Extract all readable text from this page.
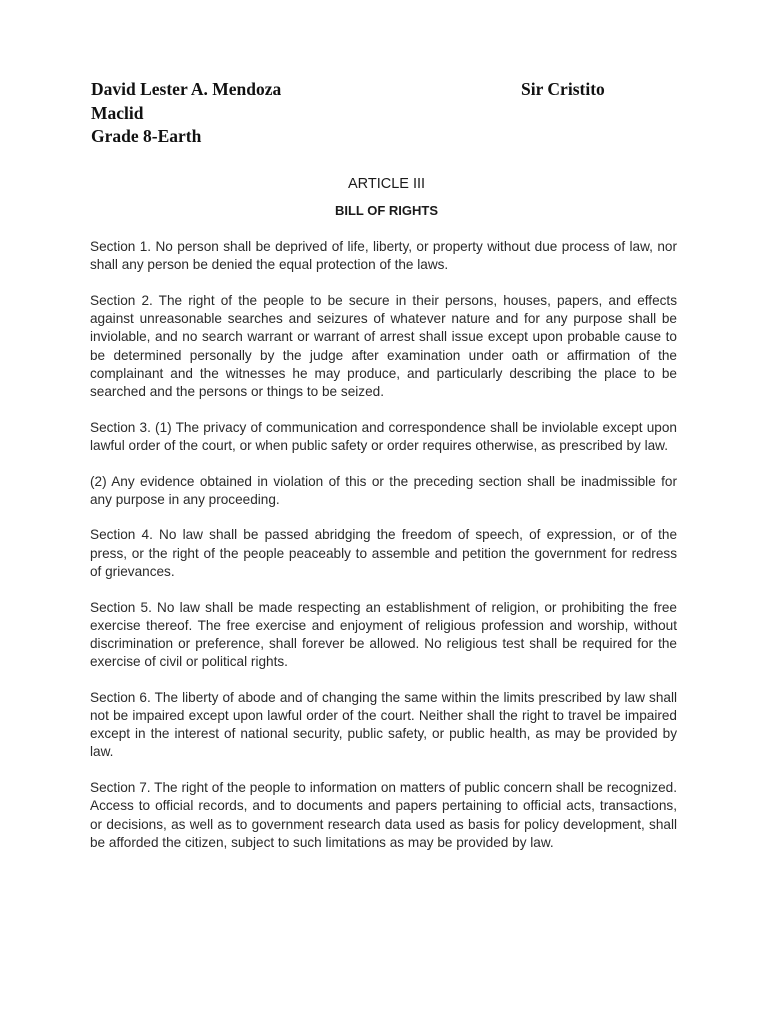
David Lester A. Mendoza	Sir Cristito
Maclid
Grade 8-Earth
ARTICLE III
BILL OF RIGHTS

Section 1. No person shall be deprived of life, liberty, or property without due process of law, nor shall any person be denied the equal protection of the laws.

Section 2. The right of the people to be secure in their persons, houses, papers, and effects against unreasonable searches and seizures of whatever nature and for any purpose shall be inviolable, and no search warrant or warrant of arrest shall issue except upon probable cause to be determined personally by the judge after examination under oath or affirmation of the complainant and the witnesses he may produce, and particularly describing the place to be searched and the persons or things to be seized.

Section 3. (1) The privacy of communication and correspondence shall be inviolable except upon lawful order of the court, or when public safety or order requires otherwise, as prescribed by law.

(2) Any evidence obtained in violation of this or the preceding section shall be inadmissible for any purpose in any proceeding.

Section 4. No law shall be passed abridging the freedom of speech, of expression, or of the press, or the right of the people peaceably to assemble and petition the government for redress of grievances.

Section 5. No law shall be made respecting an establishment of religion, or prohibiting the free exercise thereof. The free exercise and enjoyment of religious profession and worship, without discrimination or preference, shall forever be allowed. No religious test shall be required for the exercise of civil or political rights.

Section 6. The liberty of abode and of changing the same within the limits prescribed by law shall not be impaired except upon lawful order of the court. Neither shall the right to travel be impaired except in the interest of national security, public safety, or public health, as may be provided by law.

Section 7. The right of the people to information on matters of public concern shall be recognized. Access to official records, and to documents and papers pertaining to official acts, transactions, or decisions, as well as to government research data used as basis for policy development, shall be afforded the citizen, subject to such limitations as may be provided by law.
